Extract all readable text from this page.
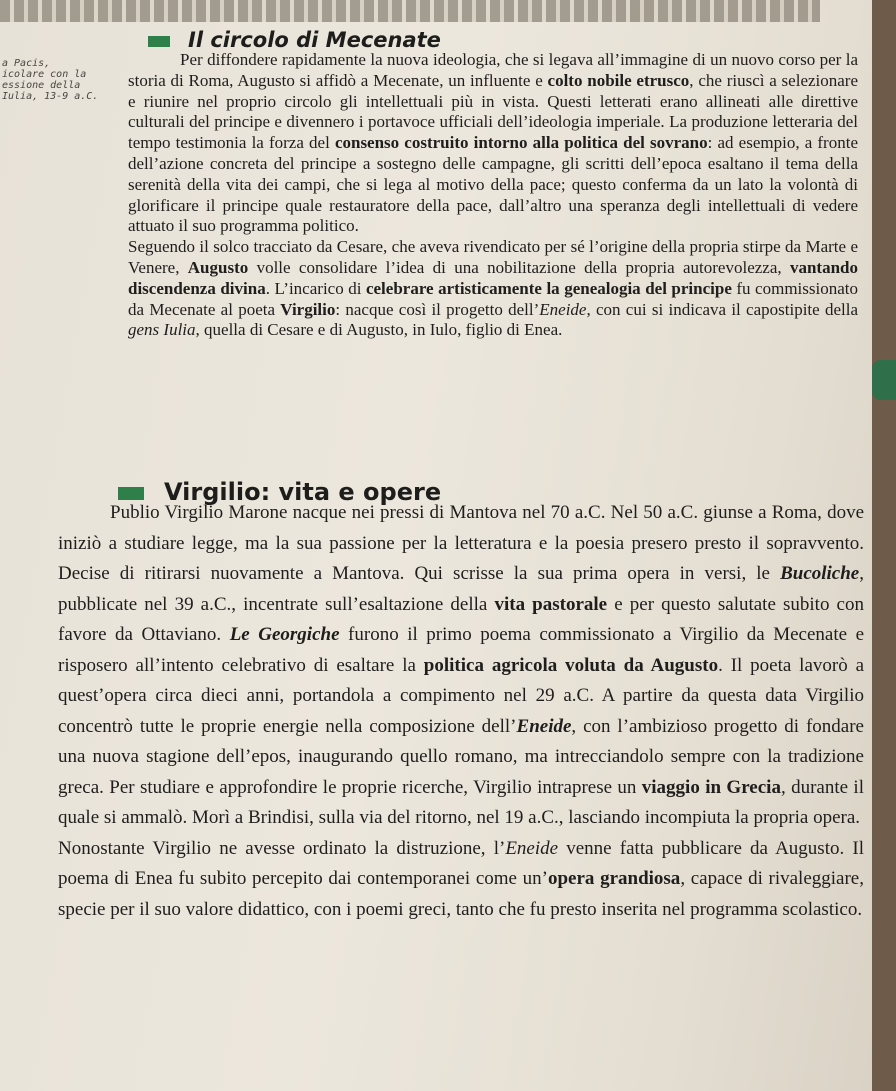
a Pacis,
icolare con la
essione della
Iulia, 13-9 a.C.
Il circolo di Mecenate

Per diffondere rapidamente la nuova ideologia, che si legava all’immagine di un nuovo corso per la storia di Roma, Augusto si affidò a Mecenate, un influente e colto nobile etrusco, che riuscì a selezionare e riunire nel proprio circolo gli intellettuali più in vista. Questi letterati erano allineati alle direttive culturali del principe e divennero i portavoce ufficiali dell’ideologia imperiale. La produzione letteraria del tempo testimonia la forza del consenso costruito intorno alla politica del sovrano: ad esempio, a fronte dell’azione concreta del principe a sostegno delle campagne, gli scritti dell’epoca esaltano il tema della serenità della vita dei campi, che si lega al motivo della pace; questo conferma da un lato la volontà di glorificare il principe quale restauratore della pace, dall’altro una speranza degli intellettuali di vedere attuato il suo programma politico.

Seguendo il solco tracciato da Cesare, che aveva rivendicato per sé l’origine della propria stirpe da Marte e Venere, Augusto volle consolidare l’idea di una nobilitazione della propria autorevolezza, vantando discendenza divina. L’incarico di celebrare artisticamente la genealogia del principe fu commissionato da Mecenate al poeta Virgilio: nacque così il progetto dell’Eneide, con cui si indicava il capostipite della gens Iulia, quella di Cesare e di Augusto, in Iulo, figlio di Enea.

Virgilio: vita e opere

Publio Virgilio Marone nacque nei pressi di Mantova nel 70 a.C. Nel 50 a.C. giunse a Roma, dove iniziò a studiare legge, ma la sua passione per la letteratura e la poesia presero presto il sopravvento. Decise di ritirarsi nuovamente a Mantova. Qui scrisse la sua prima opera in versi, le Bucoliche, pubblicate nel 39 a.C., incentrate sull’esaltazione della vita pastorale e per questo salutate subito con favore da Ottaviano. Le Georgiche furono il primo poema commissionato a Virgilio da Mecenate e risposero all’intento celebrativo di esaltare la politica agricola voluta da Augusto. Il poeta lavorò a quest’opera circa dieci anni, portandola a compimento nel 29 a.C. A partire da questa data Virgilio concentrò tutte le proprie energie nella composizione dell’Eneide, con l’ambizioso progetto di fondare una nuova stagione dell’epos, inaugurando quello romano, ma intrecciandolo sempre con la tradizione greca. Per studiare e approfondire le proprie ricerche, Virgilio intraprese un viaggio in Grecia, durante il quale si ammalò. Morì a Brindisi, sulla via del ritorno, nel 19 a.C., lasciando incompiuta la propria opera.

Nonostante Virgilio ne avesse ordinato la distruzione, l’Eneide venne fatta pubblicare da Augusto. Il poema di Enea fu subito percepito dai contemporanei come un’opera grandiosa, capace di rivaleggiare, specie per il suo valore didattico, con i poemi greci, tanto che fu presto inserita nel programma scolastico.
